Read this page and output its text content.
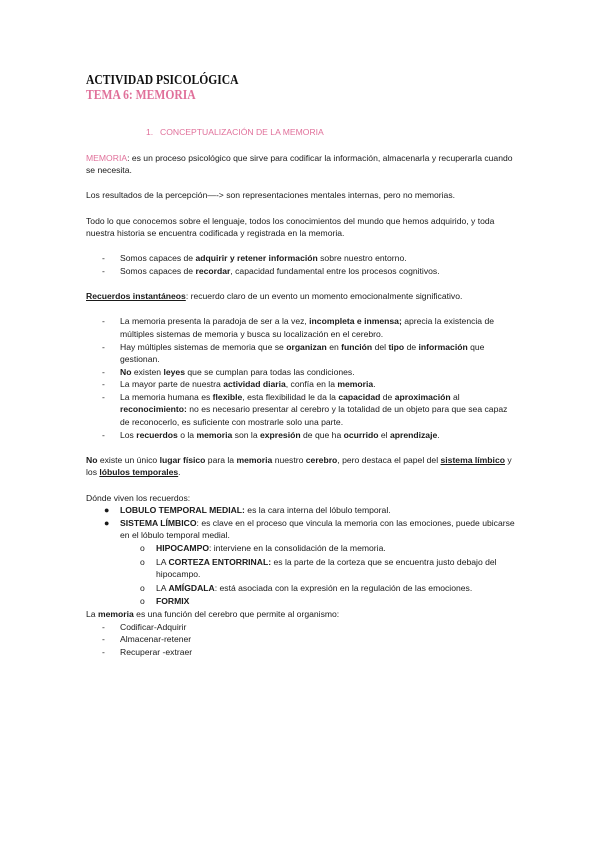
ACTIVIDAD PSICOLÓGICA
TEMA 6: MEMORIA
1. CONCEPTUALIZACIÓN DE LA MEMORIA

MEMORIA: es un proceso psicológico que sirve para codificar la información, almacenarla y recuperarla cuando se necesita.

Los resultados de la percepción—-> son representaciones mentales internas, pero no memorias.

Todo lo que conocemos sobre el lenguaje, todos los conocimientos del mundo que hemos adquirido, y toda nuestra historia se encuentra codificada y registrada en la memoria.

- Somos capaces de adquirir y retener información sobre nuestro entorno.
- Somos capaces de recordar, capacidad fundamental entre los procesos cognitivos.

Recuerdos instantáneos: recuerdo claro de un evento un momento emocionalmente significativo.

- La memoria presenta la paradoja de ser a la vez, incompleta e inmensa; aprecia la existencia de múltiples sistemas de memoria y busca su localización en el cerebro.
- Hay múltiples sistemas de memoria que se organizan en función del tipo de información que gestionan.
- No existen leyes que se cumplan para todas las condiciones.
- La mayor parte de nuestra actividad diaria, confía en la memoria.
- La memoria humana es flexible, esta flexibilidad le da la capacidad de aproximación al reconocimiento: no es necesario presentar al cerebro y la totalidad de un objeto para que sea capaz de reconocerlo, es suficiente con mostrarle solo una parte.
- Los recuerdos o la memoria son la expresión de que ha ocurrido el aprendizaje.

No existe un único lugar físico para la memoria nuestro cerebro, pero destaca el papel del sistema límbico y los lóbulos temporales.

Dónde viven los recuerdos:

● LOBULO TEMPORAL MEDIAL: es la cara interna del lóbulo temporal.
● SISTEMA LÍMBICO: es clave en el proceso que vincula la memoria con las emociones, puede ubicarse en el lóbulo temporal medial.
o HIPOCAMPO: interviene en la consolidación de la memoria.
o LA CORTEZA ENTORRINAL: es la parte de la corteza que se encuentra justo debajo del hipocampo.
o LA AMÍGDALA: está asociada con la expresión en la regulación de las emociones.
o FORMIX

La memoria es una función del cerebro que permite al organismo:

- Codificar-Adquirir
- Almacenar-retener
- Recuperar -extraer
